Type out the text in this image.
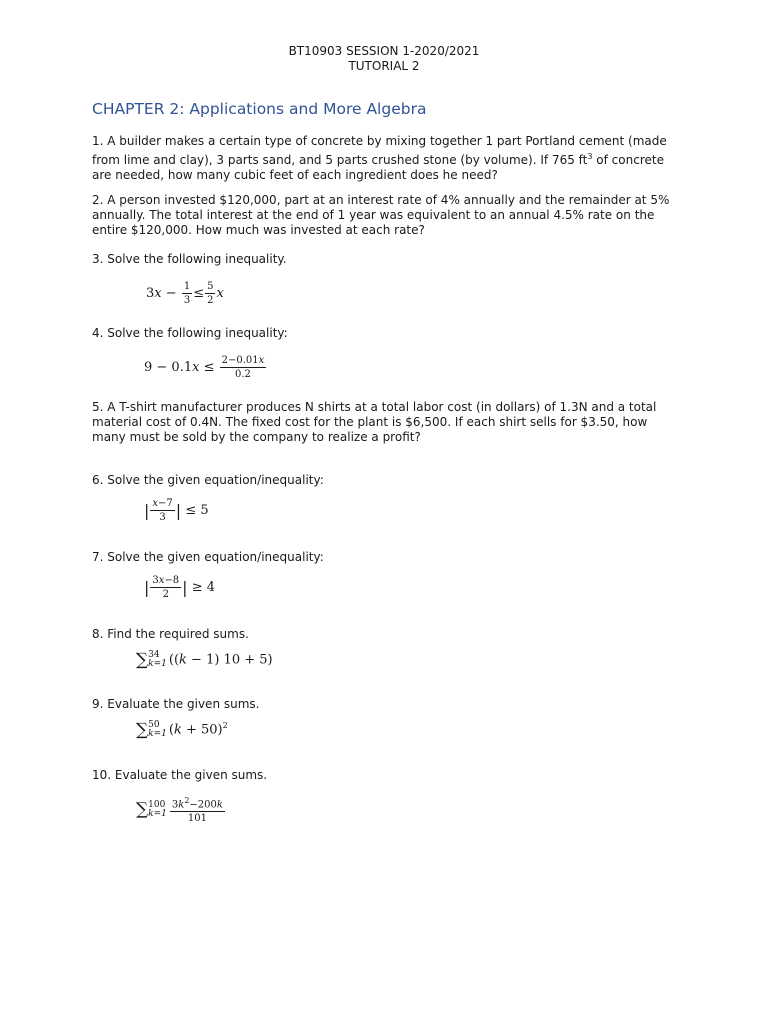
BT10903 SESSION 1-2020/2021
TUTORIAL 2
CHAPTER 2: Applications and More Algebra
1. A builder makes a certain type of concrete by mixing together 1 part Portland cement (made from lime and clay), 3 parts sand, and 5 parts crushed stone (by volume). If 765 $ft^3$ of concrete are needed, how many cubic feet of each ingredient does he need?
2. A person invested $120,000, part at an interest rate of 4% annually and the remainder at 5% annually. The total interest at the end of 1 year was equivalent to an annual 4.5% rate on the entire $120,000. How much was invested at each rate?
3. Solve the following inequality.
$3x - \frac{1}{3} \le \frac{5}{2}$ x
4. Solve the following inequality:
$9 - 0.1x \le \frac{2-0.01x}{0.2}$
5. A T-shirt manufacturer produces N shirts at a total labor cost (in dollars) of 1.3N and a total material cost of 0.4N. The fixed cost for the plant is $6,500. If each shirt sells for $3.50, how many must be sold by the company to realize a profit?
6. Solve the given equation/inequality:
| $\frac{x-7}{3}$ | ≤ 5
7. Solve the given equation/inequality:
| $\frac{3x-8}{2}$ | ≥ 4
8. Find the required sums.
∑ 34
k=1 ((k − 1) 10 + 5)
9. Evaluate the given sums.
∑ 50
k=1 $(k + 50)^2$
10. Evaluate the given sums.
∑ 100
$k=1 \frac{3k^2-200k}{101}$
